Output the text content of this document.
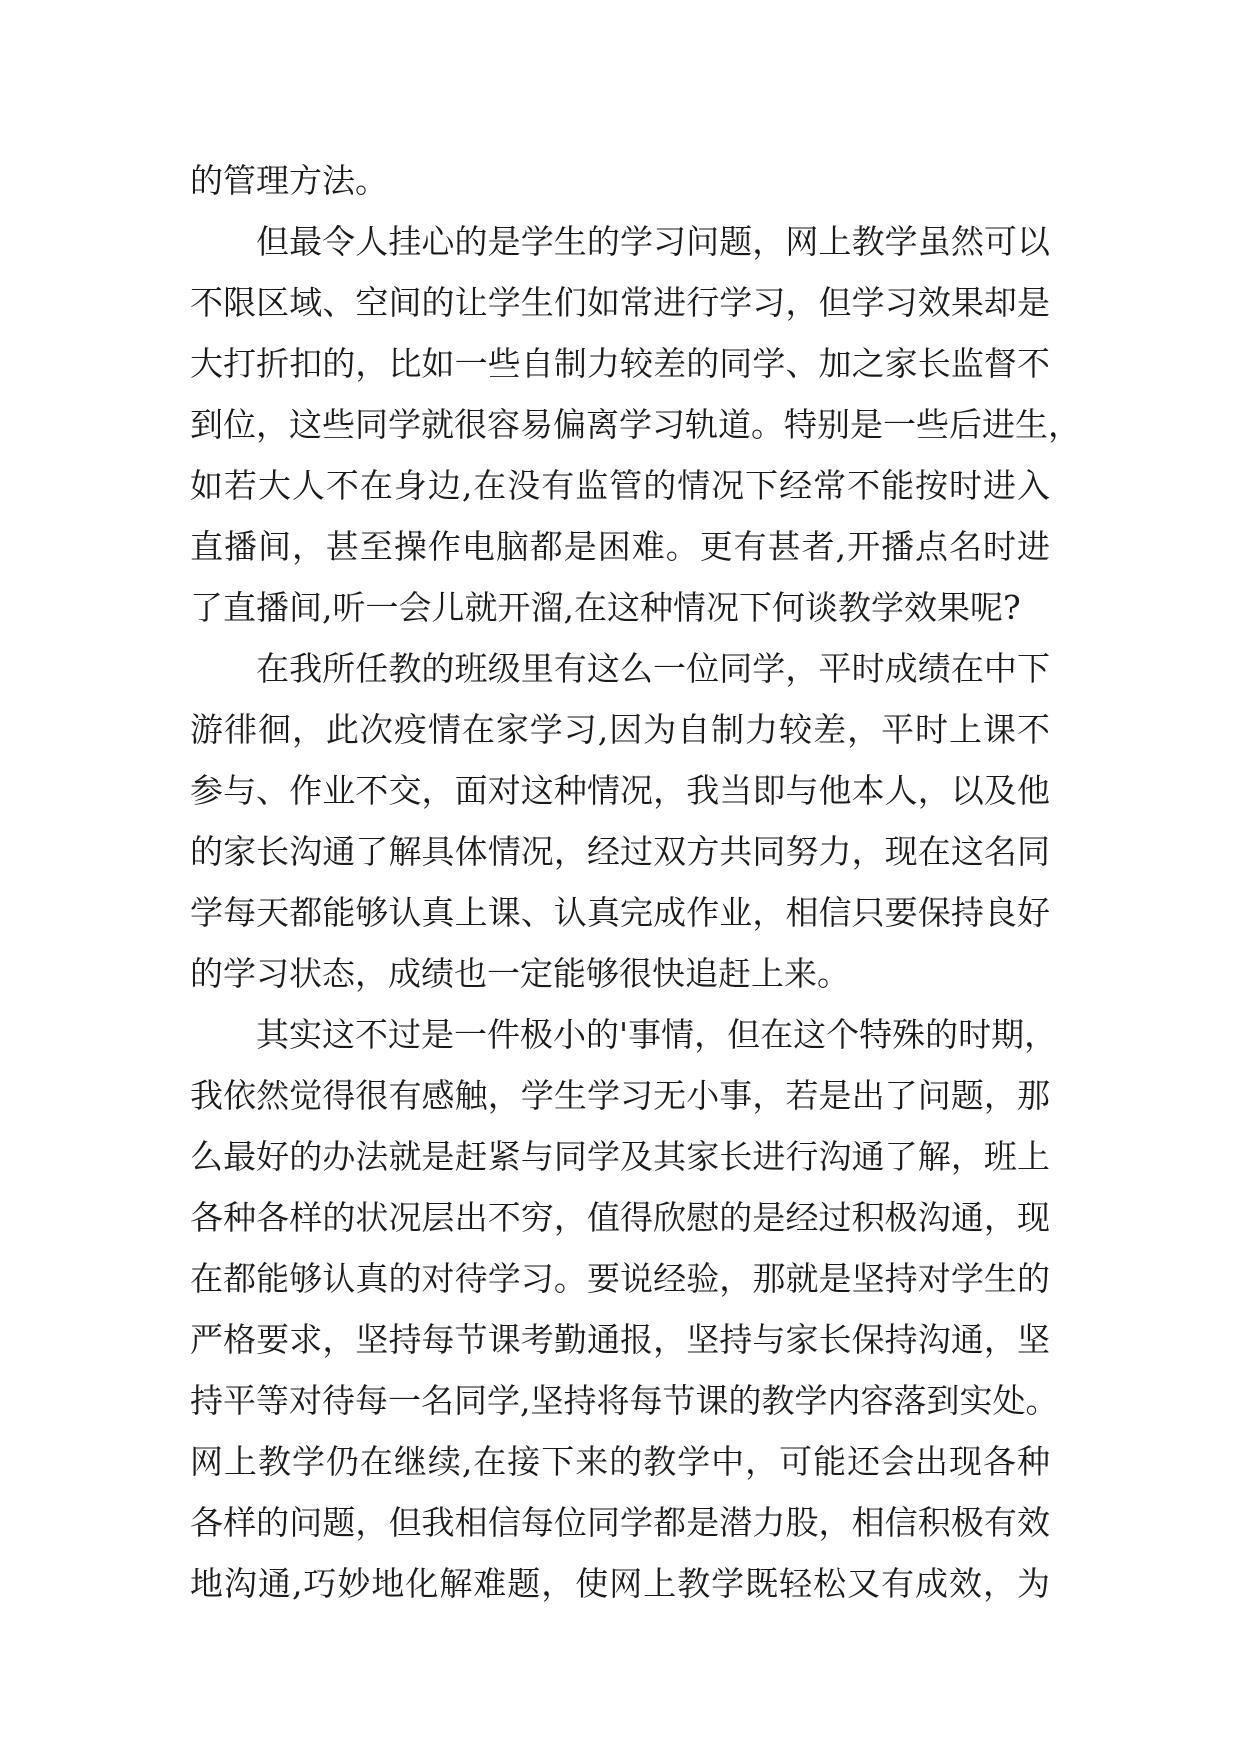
的管理方法。
但最令人挂心的是学生的学习问题，网上教学虽然可以
不限区域、空间的让学生们如常进行学习，但学习效果却是
大打折扣的，比如一些自制力较差的同学、加之家长监督不
到位，这些同学就很容易偏离学习轨道。特别是一些后进生，
如若大人不在身边,在没有监管的情况下经常不能按时进入
直播间，甚至操作电脑都是困难。更有甚者,开播点名时进
了直播间,听一会儿就开溜,在这种情况下何谈教学效果呢?
在我所任教的班级里有这么一位同学，平时成绩在中下
游徘徊，此次疫情在家学习,因为自制力较差，平时上课不
参与、作业不交，面对这种情况，我当即与他本人，以及他
的家长沟通了解具体情况，经过双方共同努力，现在这名同
学每天都能够认真上课、认真完成作业，相信只要保持良好
的学习状态，成绩也一定能够很快追赶上来。
其实这不过是一件极小的'事情，但在这个特殊的时期，
我依然觉得很有感触，学生学习无小事，若是出了问题，那
么最好的办法就是赶紧与同学及其家长进行沟通了解，班上
各种各样的状况层出不穷，值得欣慰的是经过积极沟通，现
在都能够认真的对待学习。要说经验，那就是坚持对学生的
严格要求，坚持每节课考勤通报，坚持与家长保持沟通，坚
持平等对待每一名同学,坚持将每节课的教学内容落到实处。
网上教学仍在继续,在接下来的教学中，可能还会出现各种
各样的问题，但我相信每位同学都是潜力股，相信积极有效
地沟通,巧妙地化解难题，使网上教学既轻松又有成效，为
